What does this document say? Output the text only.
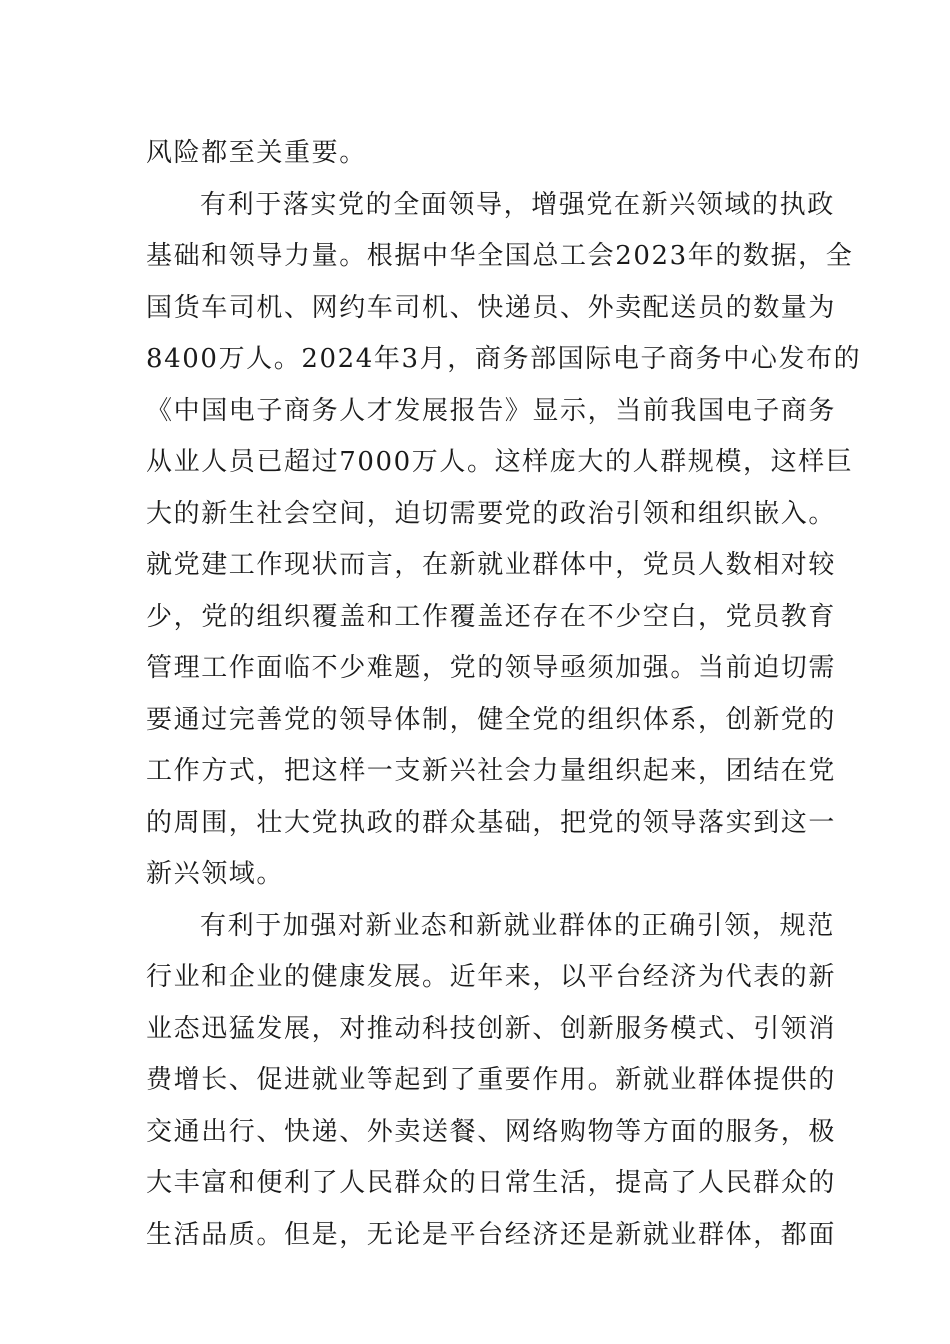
风险都至关重要。
有利于落实党的全面领导，增强党在新兴领域的执政
基础和领导力量。根据中华全国总工会2023年的数据，全
国货车司机、网约车司机、快递员、外卖配送员的数量为
8400万人。2024年3月，商务部国际电子商务中心发布的
《中国电子商务人才发展报告》显示，当前我国电子商务
从业人员已超过7000万人。这样庞大的人群规模，这样巨
大的新生社会空间，迫切需要党的政治引领和组织嵌入。
就党建工作现状而言，在新就业群体中，党员人数相对较
少，党的组织覆盖和工作覆盖还存在不少空白，党员教育
管理工作面临不少难题，党的领导亟须加强。当前迫切需
要通过完善党的领导体制，健全党的组织体系，创新党的
工作方式，把这样一支新兴社会力量组织起来，团结在党
的周围，壮大党执政的群众基础，把党的领导落实到这一
新兴领域。
有利于加强对新业态和新就业群体的正确引领，规范
行业和企业的健康发展。近年来，以平台经济为代表的新
业态迅猛发展，对推动科技创新、创新服务模式、引领消
费增长、促进就业等起到了重要作用。新就业群体提供的
交通出行、快递、外卖送餐、网络购物等方面的服务，极
大丰富和便利了人民群众的日常生活，提高了人民群众的
生活品质。但是，无论是平台经济还是新就业群体，都面
